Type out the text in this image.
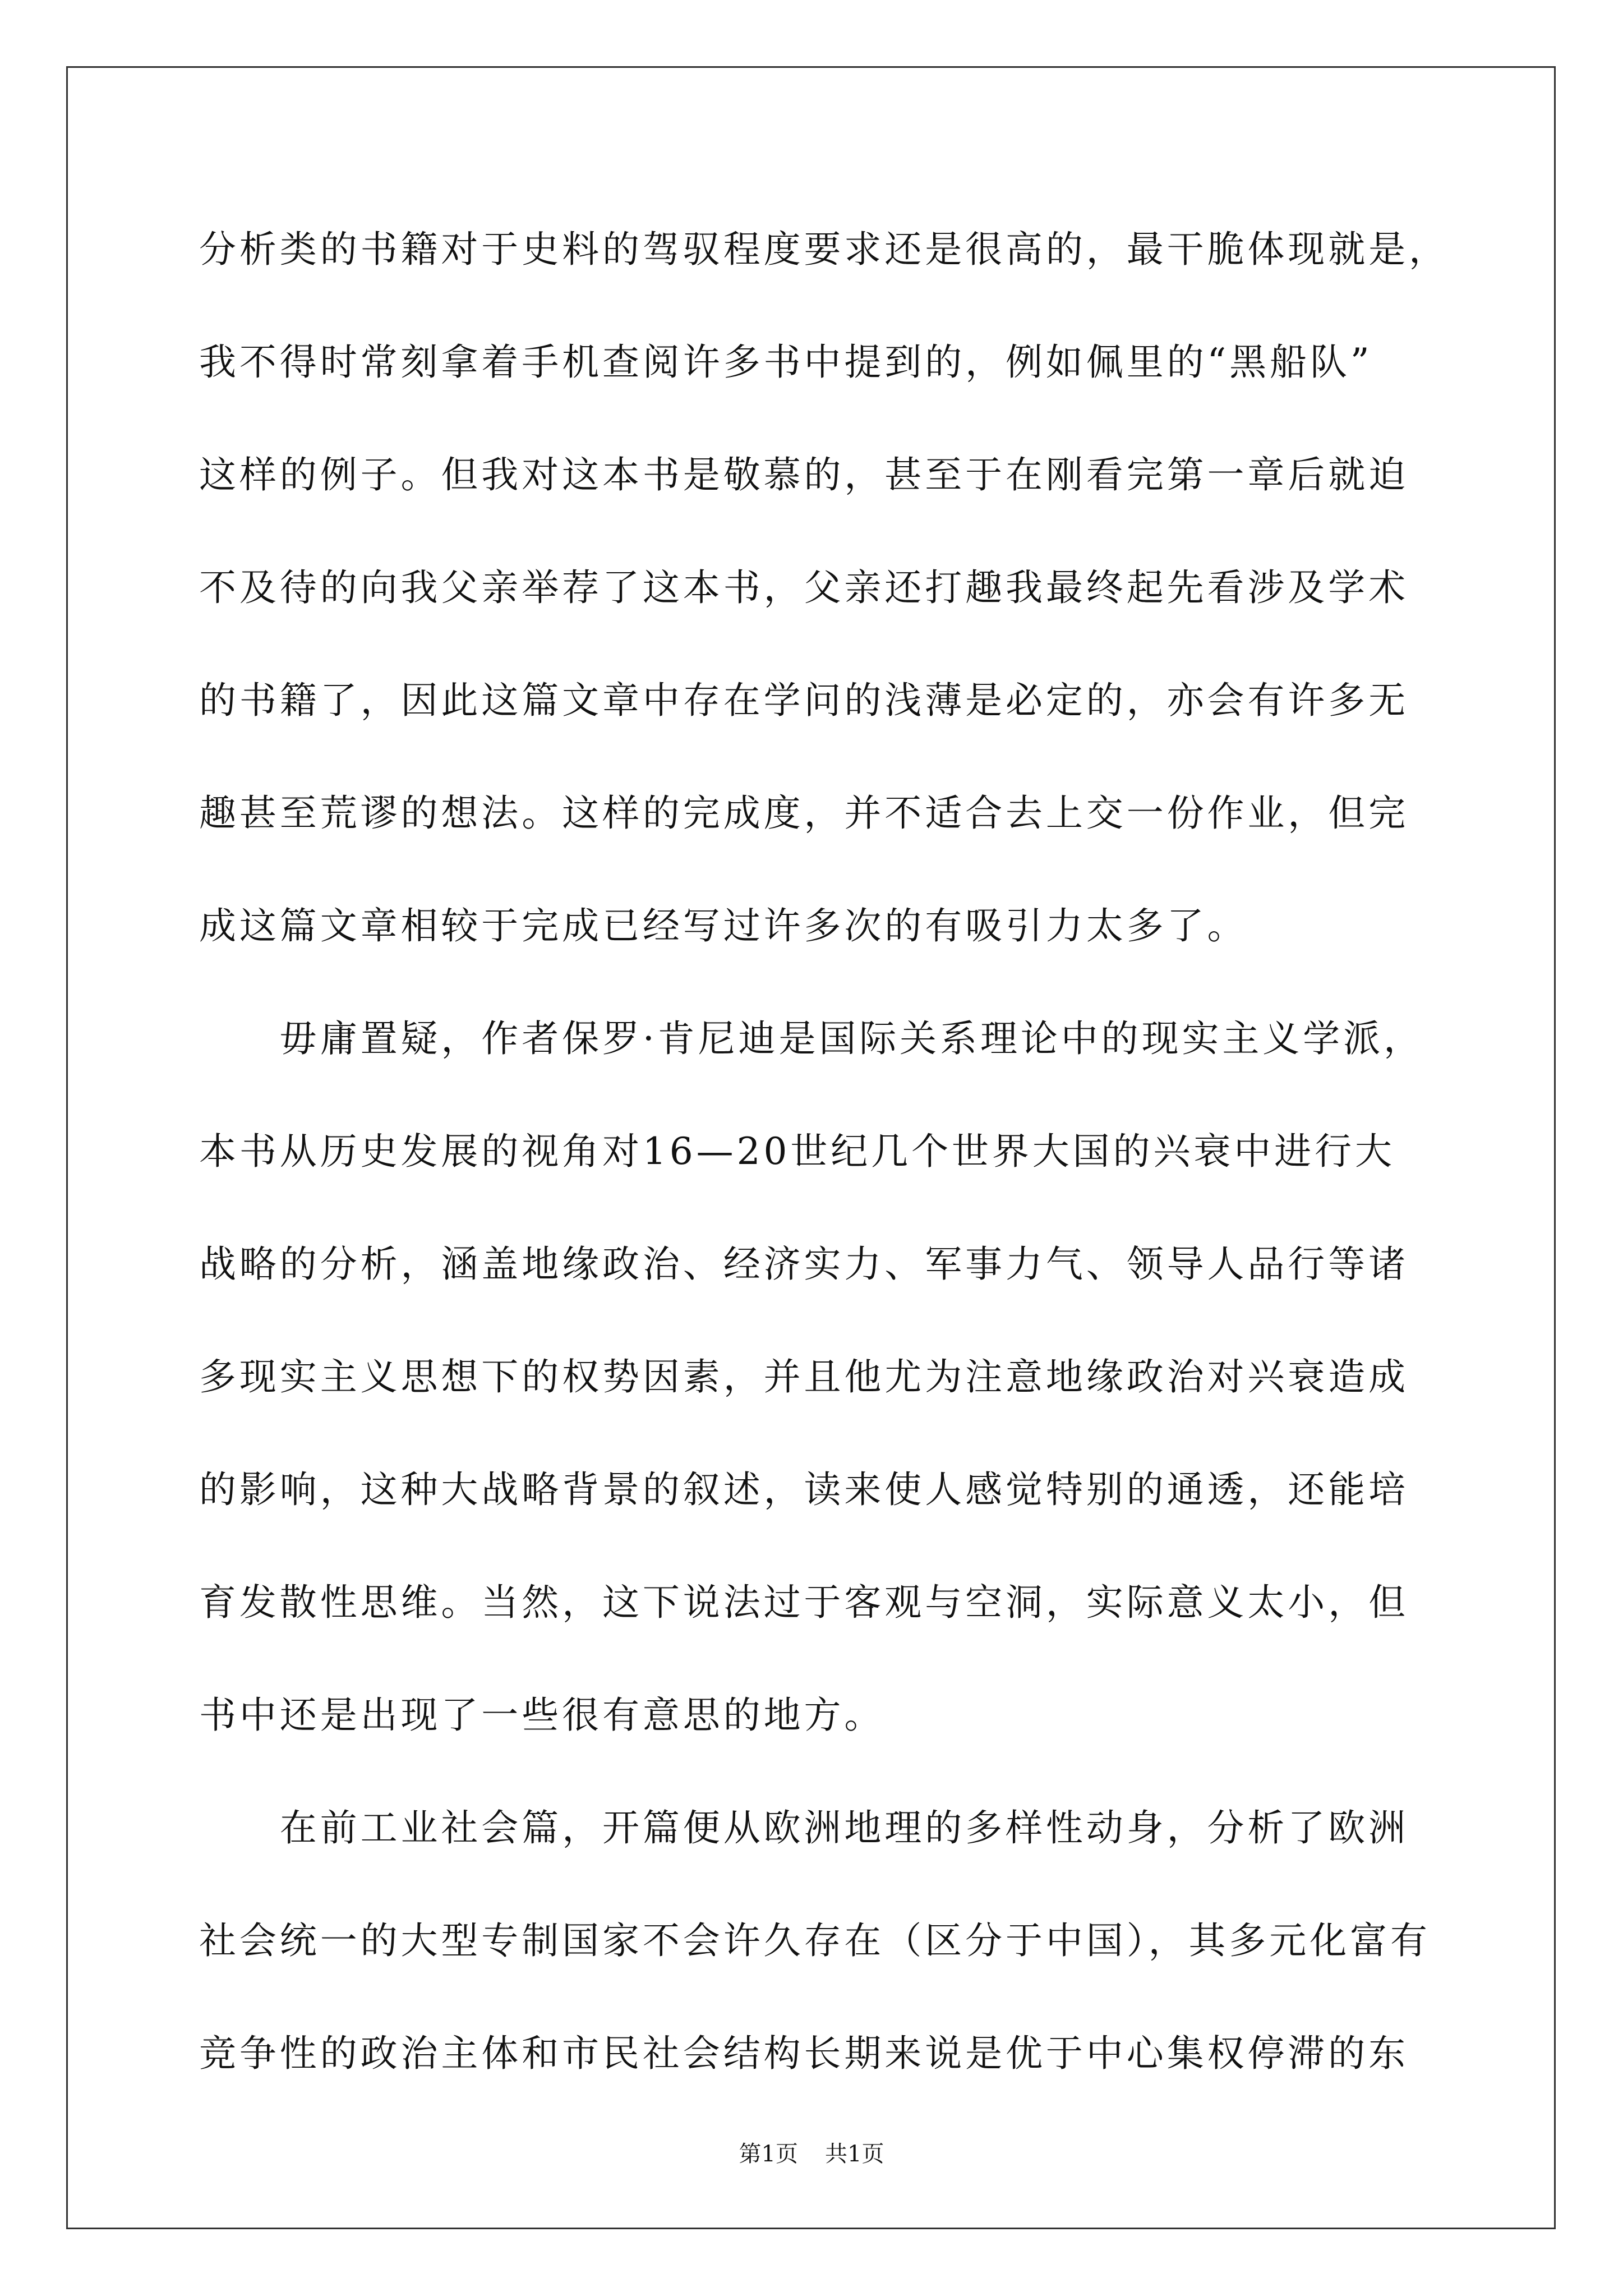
分析类的书籍对于史料的驾驭程度要求还是很高的，最干脆体现就是，
我不得时常刻拿着手机查阅许多书中提到的，例如佩里的“黑船队”
这样的例子。但我对这本书是敬慕的，甚至于在刚看完第一章后就迫
不及待的向我父亲举荐了这本书，父亲还打趣我最终起先看涉及学术
的书籍了，因此这篇文章中存在学问的浅薄是必定的，亦会有许多无
趣甚至荒谬的想法。这样的完成度，并不适合去上交一份作业，但完
成这篇文章相较于完成已经写过许多次的有吸引力太多了。
　　毋庸置疑，作者保罗·肯尼迪是国际关系理论中的现实主义学派，
本书从历史发展的视角对16—20世纪几个世界大国的兴衰中进行大
战略的分析，涵盖地缘政治、经济实力、军事力气、领导人品行等诸
多现实主义思想下的权势因素，并且他尤为注意地缘政治对兴衰造成
的影响，这种大战略背景的叙述，读来使人感觉特别的通透，还能培
育发散性思维。当然，这下说法过于客观与空洞，实际意义太小，但
书中还是出现了一些很有意思的地方。
　　在前工业社会篇，开篇便从欧洲地理的多样性动身，分析了欧洲
社会统一的大型专制国家不会许久存在（区分于中国），其多元化富有
竞争性的政治主体和市民社会结构长期来说是优于中心集权停滞的东
第1页 共1页
